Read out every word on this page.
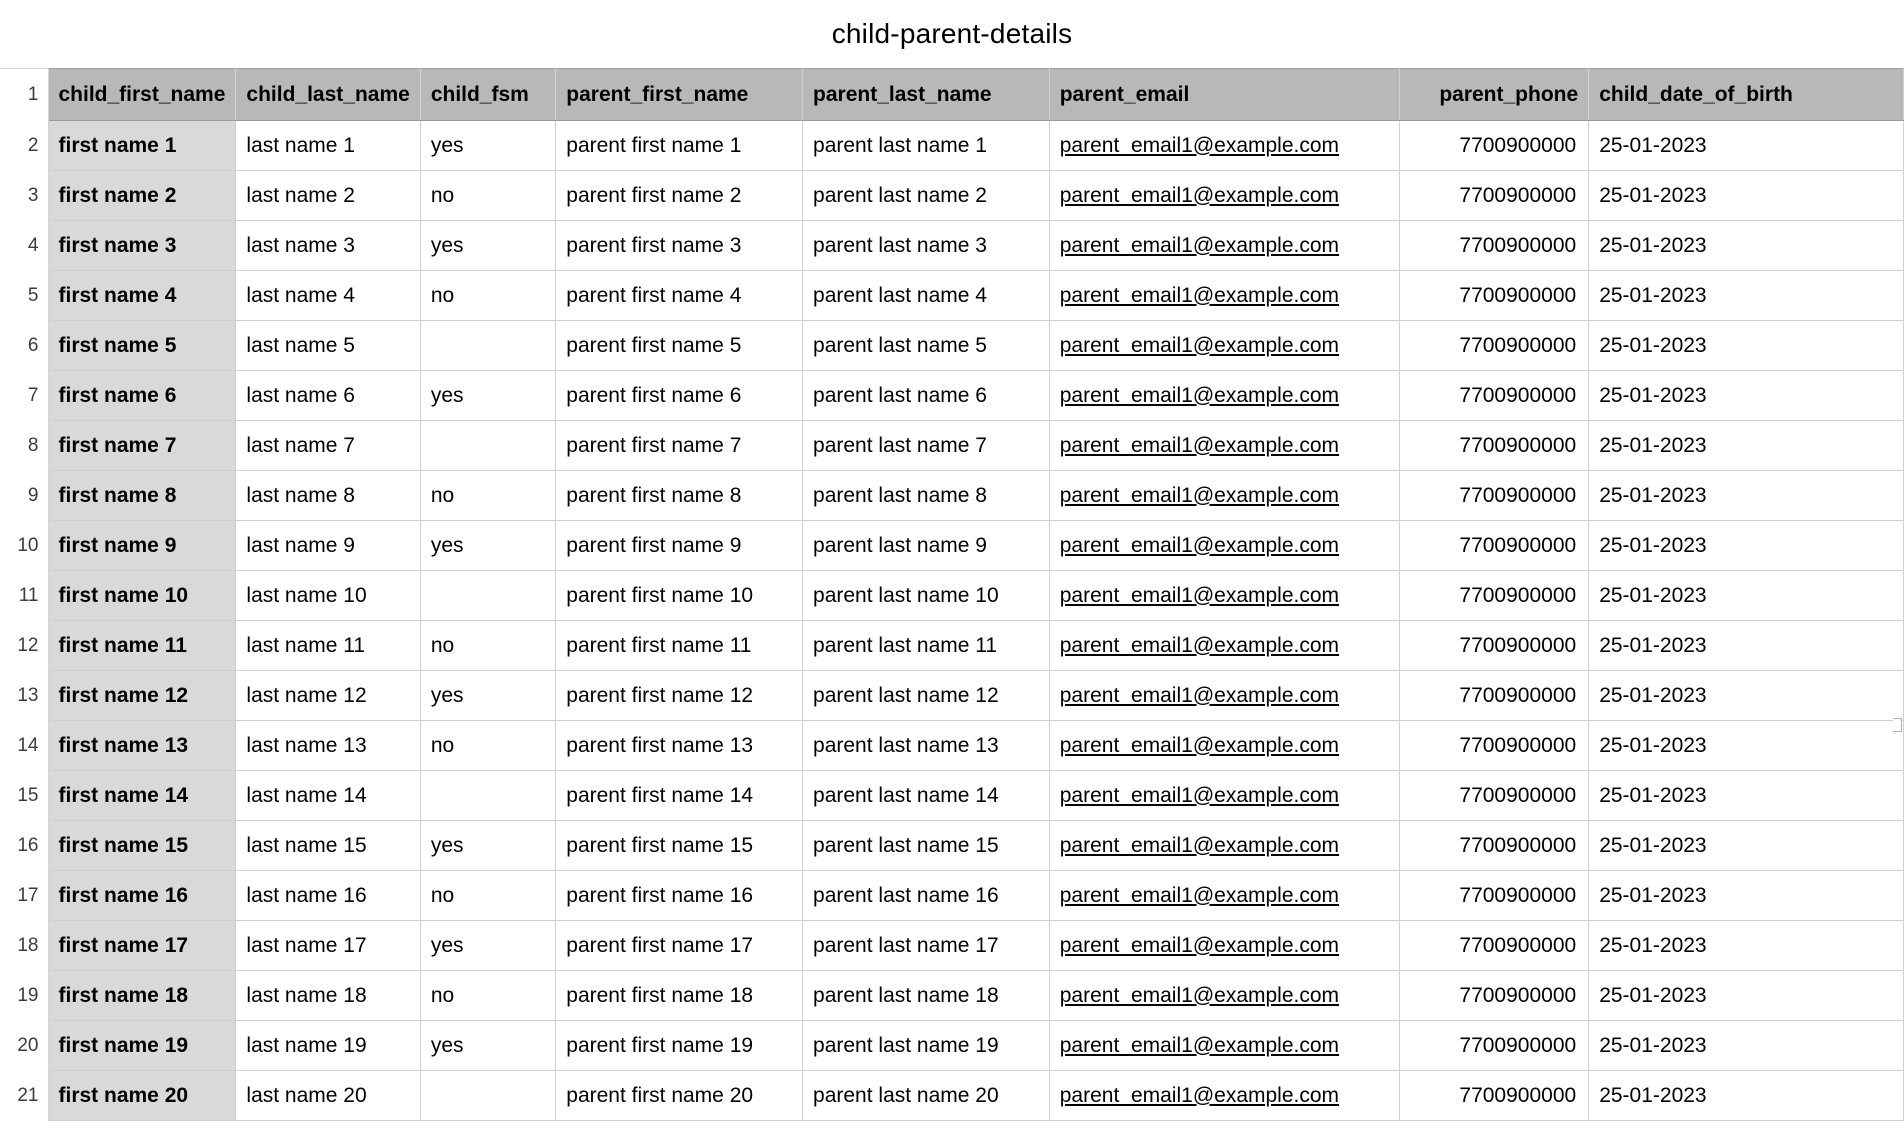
child-parent-details
1	child_first_name	child_last_name	child_fsm	parent_first_name	parent_last_name	parent_email	parent_phone	child_date_of_birth
2	first name 1	last name 1	yes	parent first name 1	parent last name 1	parent_email1@example.com	7700900000	25-01-2023
3	first name 2	last name 2	no	parent first name 2	parent last name 2	parent_email1@example.com	7700900000	25-01-2023
4	first name 3	last name 3	yes	parent first name 3	parent last name 3	parent_email1@example.com	7700900000	25-01-2023
5	first name 4	last name 4	no	parent first name 4	parent last name 4	parent_email1@example.com	7700900000	25-01-2023
6	first name 5	last name 5		parent first name 5	parent last name 5	parent_email1@example.com	7700900000	25-01-2023
7	first name 6	last name 6	yes	parent first name 6	parent last name 6	parent_email1@example.com	7700900000	25-01-2023
8	first name 7	last name 7		parent first name 7	parent last name 7	parent_email1@example.com	7700900000	25-01-2023
9	first name 8	last name 8	no	parent first name 8	parent last name 8	parent_email1@example.com	7700900000	25-01-2023
10	first name 9	last name 9	yes	parent first name 9	parent last name 9	parent_email1@example.com	7700900000	25-01-2023
11	first name 10	last name 10		parent first name 10	parent last name 10	parent_email1@example.com	7700900000	25-01-2023
12	first name 11	last name 11	no	parent first name 11	parent last name 11	parent_email1@example.com	7700900000	25-01-2023
13	first name 12	last name 12	yes	parent first name 12	parent last name 12	parent_email1@example.com	7700900000	25-01-2023
14	first name 13	last name 13	no	parent first name 13	parent last name 13	parent_email1@example.com	7700900000	25-01-2023
15	first name 14	last name 14		parent first name 14	parent last name 14	parent_email1@example.com	7700900000	25-01-2023
16	first name 15	last name 15	yes	parent first name 15	parent last name 15	parent_email1@example.com	7700900000	25-01-2023
17	first name 16	last name 16	no	parent first name 16	parent last name 16	parent_email1@example.com	7700900000	25-01-2023
18	first name 17	last name 17	yes	parent first name 17	parent last name 17	parent_email1@example.com	7700900000	25-01-2023
19	first name 18	last name 18	no	parent first name 18	parent last name 18	parent_email1@example.com	7700900000	25-01-2023
20	first name 19	last name 19	yes	parent first name 19	parent last name 19	parent_email1@example.com	7700900000	25-01-2023
21	first name 20	last name 20		parent first name 20	parent last name 20	parent_email1@example.com	7700900000	25-01-2023
